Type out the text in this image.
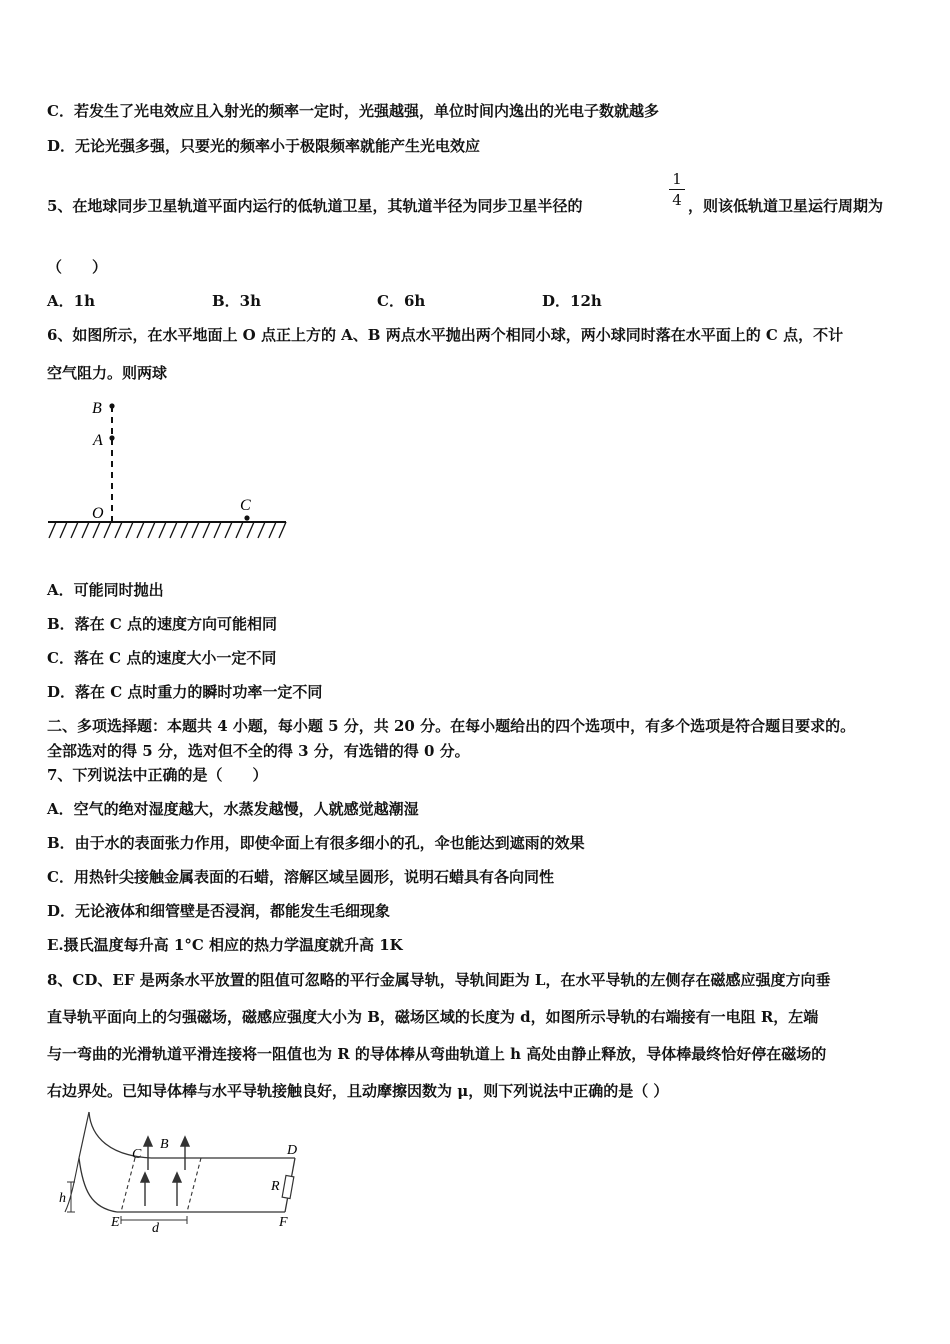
C．若发生了光电效应且入射光的频率一定时，光强越强，单位时间内逸出的光电子数就越多
D．无论光强多强，只要光的频率小于极限频率就能产生光电效应
5、在地球同步卫星轨道平面内运行的低轨道卫星，其轨道半径为同步卫星半径的
1
4 ，则该低轨道卫星运行周期为
（　　）
A．1h	B．3h	C．6h	D．12h
6、如图所示，在水平地面上 O 点正上方的 A、B 两点水平抛出两个相同小球，两小球同时落在水平面上的 C 点，不计
空气阻力。则两球
B
A
O	C
A．可能同时抛出
B．落在 C 点的速度方向可能相同
C．落在 C 点的速度大小一定不同
D．落在 C 点时重力的瞬时功率一定不同
二、多项选择题：本题共 4 小题，每小题 5 分，共 20 分。在每小题给出的四个选项中，有多个选项是符合题目要求的。
全部选对的得 5 分，选对但不全的得 3 分，有选错的得 0 分。
7、下列说法中正确的是（　　）
A．空气的绝对湿度越大，水蒸发越慢，人就感觉越潮湿
B．由于水的表面张力作用，即使伞面上有很多细小的孔，伞也能达到遮雨的效果
C．用热针尖接触金属表面的石蜡，溶解区域呈圆形，说明石蜡具有各向同性
D．无论液体和细管壁是否浸润，都能发生毛细现象
E.摄氏温度每升高 1°C 相应的热力学温度就升高 1K
8、CD、EF 是两条水平放置的阻值可忽略的平行金属导轨，导轨间距为 L，在水平导轨的左侧存在磁感应强度方向垂
直导轨平面向上的匀强磁场，磁感应强度大小为 B，磁场区域的长度为 d，如图所示导轨的右端接有一电阻 R，左端
与一弯曲的光滑轨道平滑连接将一阻值也为 R 的导体棒从弯曲轨道上 h 高处由静止释放，导体棒最终恰好停在磁场的
右边界处。已知导体棒与水平导轨接触良好，且动摩擦因数为 μ，则下列说法中正确的是（ ）
B
C	D
R
h
E d	F
